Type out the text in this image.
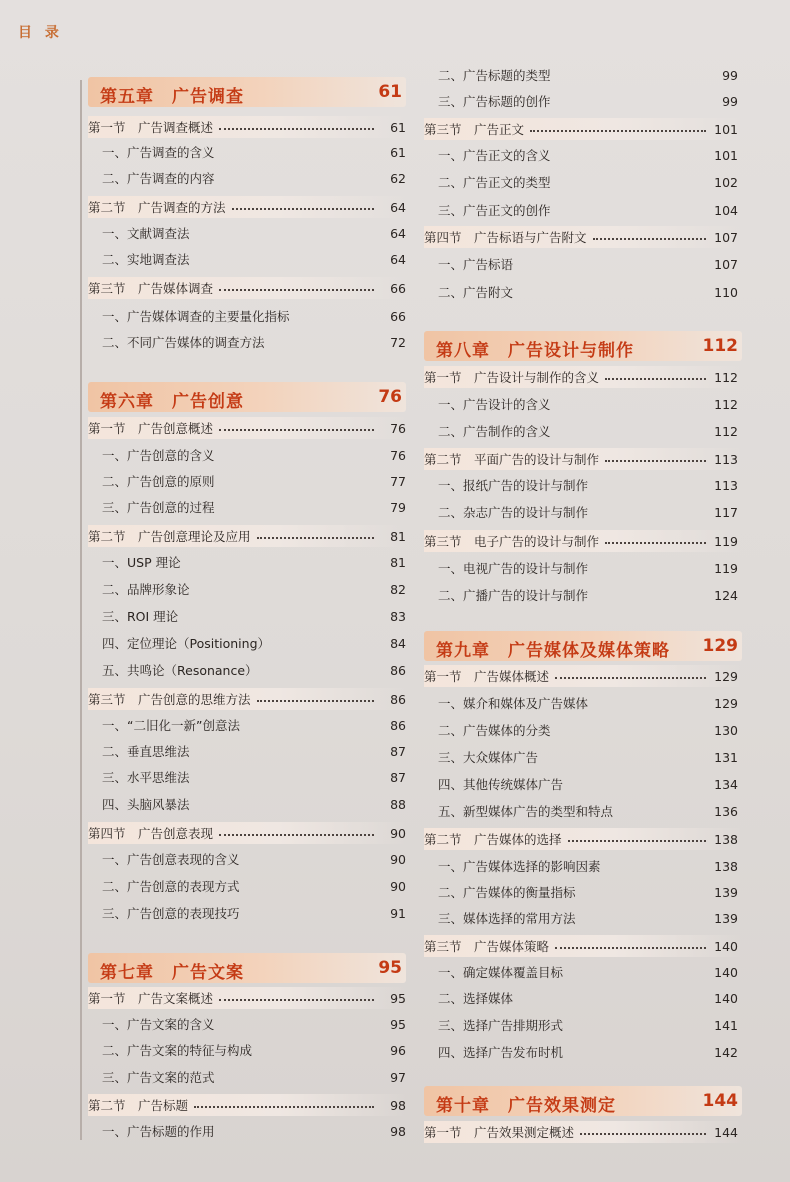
目 录
第五章　广告调查	61
第一节　广告调查概述	61
一、广告调查的含义	61
二、广告调查的内容	62
第二节　广告调查的方法	64
一、文献调查法	64
二、实地调查法	64
第三节　广告媒体调查	66
一、广告媒体调查的主要量化指标	66
二、不同广告媒体的调查方法	72
第六章　广告创意	76
第一节　广告创意概述	76
一、广告创意的含义	76
二、广告创意的原则	77
三、广告创意的过程	79
第二节　广告创意理论及应用	81
一、USP 理论	81
二、品牌形象论	82
三、ROI 理论	83
四、定位理论（Positioning）	84
五、共鸣论（Resonance）	86
第三节　广告创意的思维方法	86
一、“二旧化一新”创意法	86
二、垂直思维法	87
三、水平思维法	87
四、头脑风暴法	88
第四节　广告创意表现	90
一、广告创意表现的含义	90
二、广告创意的表现方式	90
三、广告创意的表现技巧	91
第七章　广告文案	95
第一节　广告文案概述	95
一、广告文案的含义	95
二、广告文案的特征与构成	96
三、广告文案的范式	97
第二节　广告标题	98
一、广告标题的作用	98
二、广告标题的类型	99
三、广告标题的创作	99
第三节　广告正文	101
一、广告正文的含义	101
二、广告正文的类型	102
三、广告正文的创作	104
第四节　广告标语与广告附文	107
一、广告标语	107
二、广告附文	110
第八章　广告设计与制作	112
第一节　广告设计与制作的含义	112
一、广告设计的含义	112
二、广告制作的含义	112
第二节　平面广告的设计与制作	113
一、报纸广告的设计与制作	113
二、杂志广告的设计与制作	117
第三节　电子广告的设计与制作	119
一、电视广告的设计与制作	119
二、广播广告的设计与制作	124
第九章　广告媒体及媒体策略 129
第一节　广告媒体概述	129
一、媒介和媒体及广告媒体	129
二、广告媒体的分类	130
三、大众媒体广告	131
四、其他传统媒体广告	134
五、新型媒体广告的类型和特点	136
第二节　广告媒体的选择	138
一、广告媒体选择的影响因素	138
二、广告媒体的衡量指标	139
三、媒体选择的常用方法	139
第三节　广告媒体策略	140
一、确定媒体覆盖目标	140
二、选择媒体	140
三、选择广告排期形式	141
四、选择广告发布时机	142
第十章　广告效果测定	144
第一节　广告效果测定概述	144
